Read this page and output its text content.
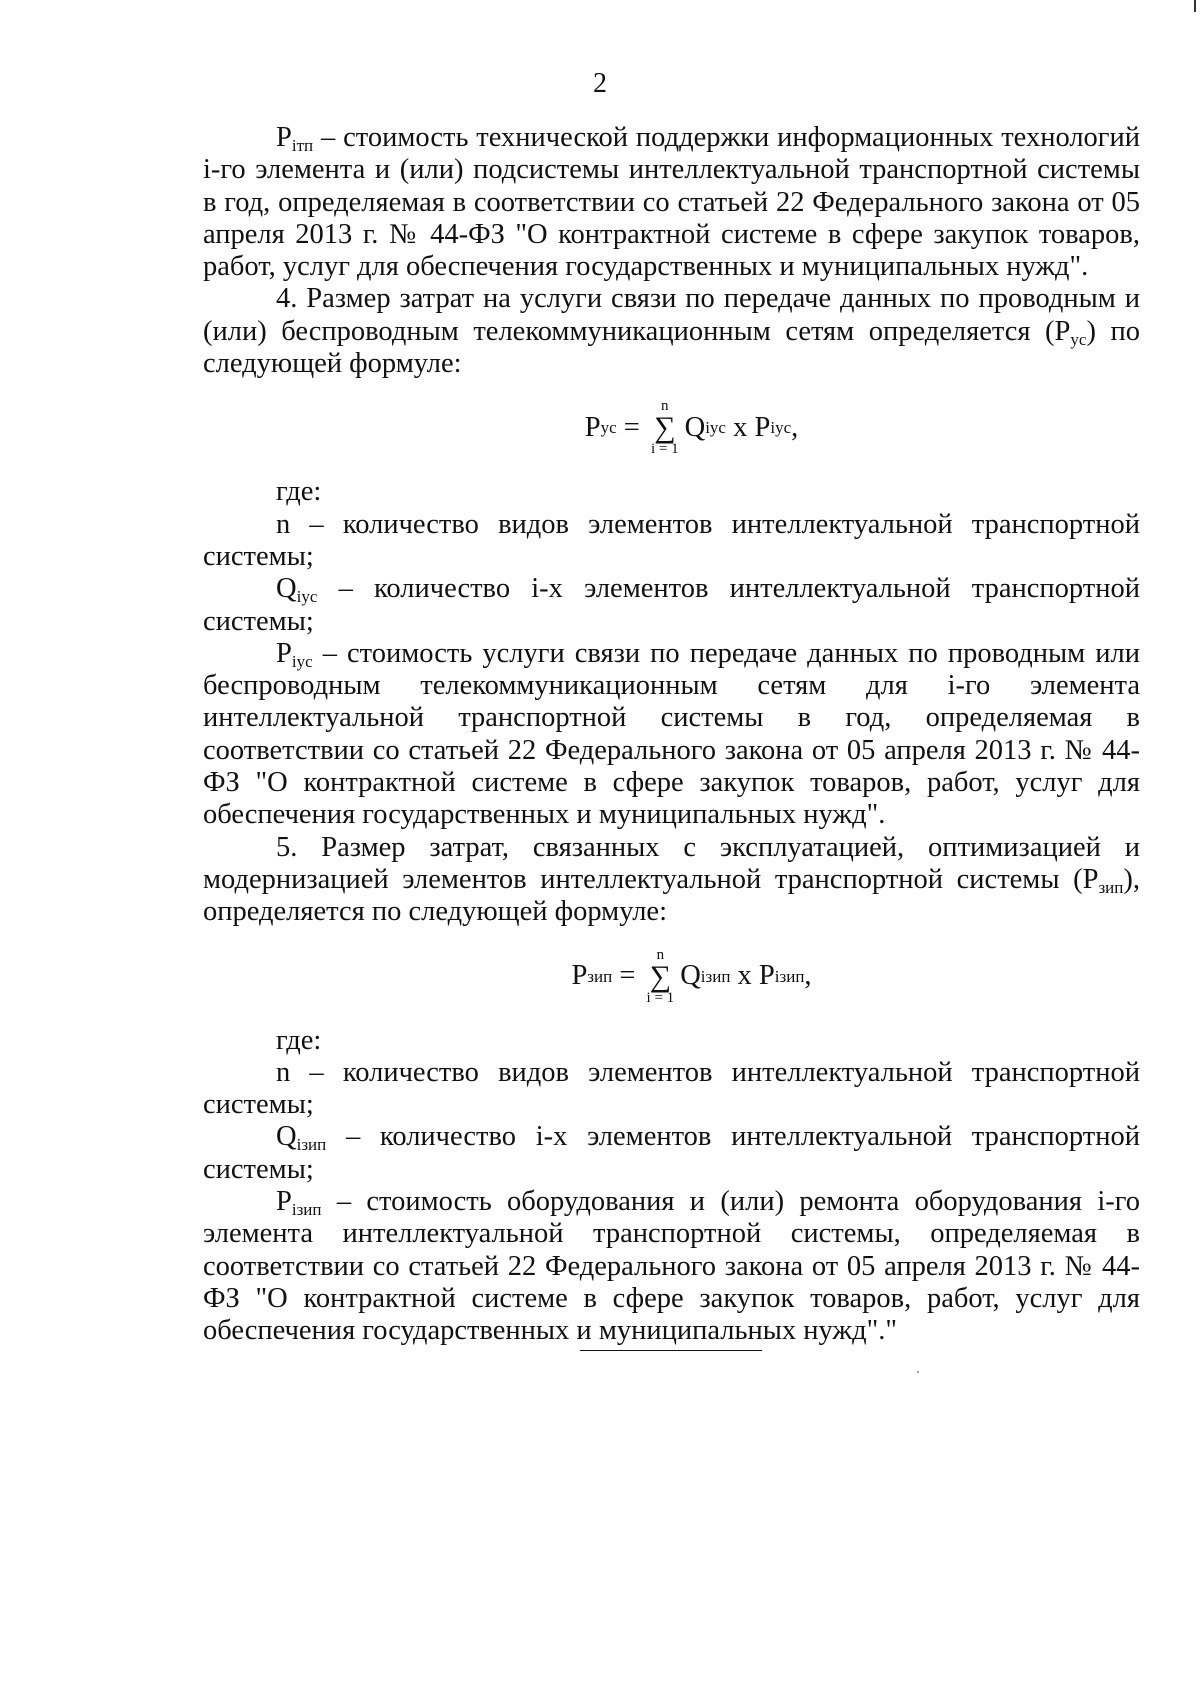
2

$P_{iтп}$ – стоимость технической поддержки информационных технологий i-го элемента и (или) подсистемы интеллектуальной транспортной системы в год, определяемая в соответствии со статьей 22 Федерального закона от 05 апреля 2013 г. № 44-ФЗ "О контрактной системе в сфере закупок товаров, работ, услуг для обеспечения государственных и муниципальных нужд".

4. Размер затрат на услуги связи по передаче данных по проводным и (или) беспроводным телекоммуникационным сетям определяется $(P_{ус})$ по следующей формуле:

P ус =
n
∑
i = 1
Q iус х P iус ,

где:

n – количество видов элементов интеллектуальной транспортной системы;

$Q_{iус}$ – количество i-х элементов интеллектуальной транспортной системы;

$P_{iус}$ – стоимость услуги связи по передаче данных по проводным или беспроводным телекоммуникационным сетям для i-го элемента интеллектуальной транспортной системы в год, определяемая в соответствии со статьей 22 Федерального закона от 05 апреля 2013 г. № 44-ФЗ "О контрактной системе в сфере закупок товаров, работ, услуг для обеспечения государственных и муниципальных нужд".

5. Размер затрат, связанных с эксплуатацией, оптимизацией и модернизацией элементов интеллектуальной транспортной системы $(P_{зип})$, определяется по следующей формуле:

P зип =
n
∑
i = 1
Q iзип х P iзип ,

где:

n – количество видов элементов интеллектуальной транспортной системы;

$Q_{iзип}$ – количество i-х элементов интеллектуальной транспортной системы;

$P_{iзип}$ – стоимость оборудования и (или) ремонта оборудования i-го элемента интеллектуальной транспортной системы, определяемая в соответствии со статьей 22 Федерального закона от 05 апреля 2013 г. № 44-ФЗ "О контрактной системе в сфере закупок товаров, работ, услуг для обеспечения государственных и муниципальных нужд"."
